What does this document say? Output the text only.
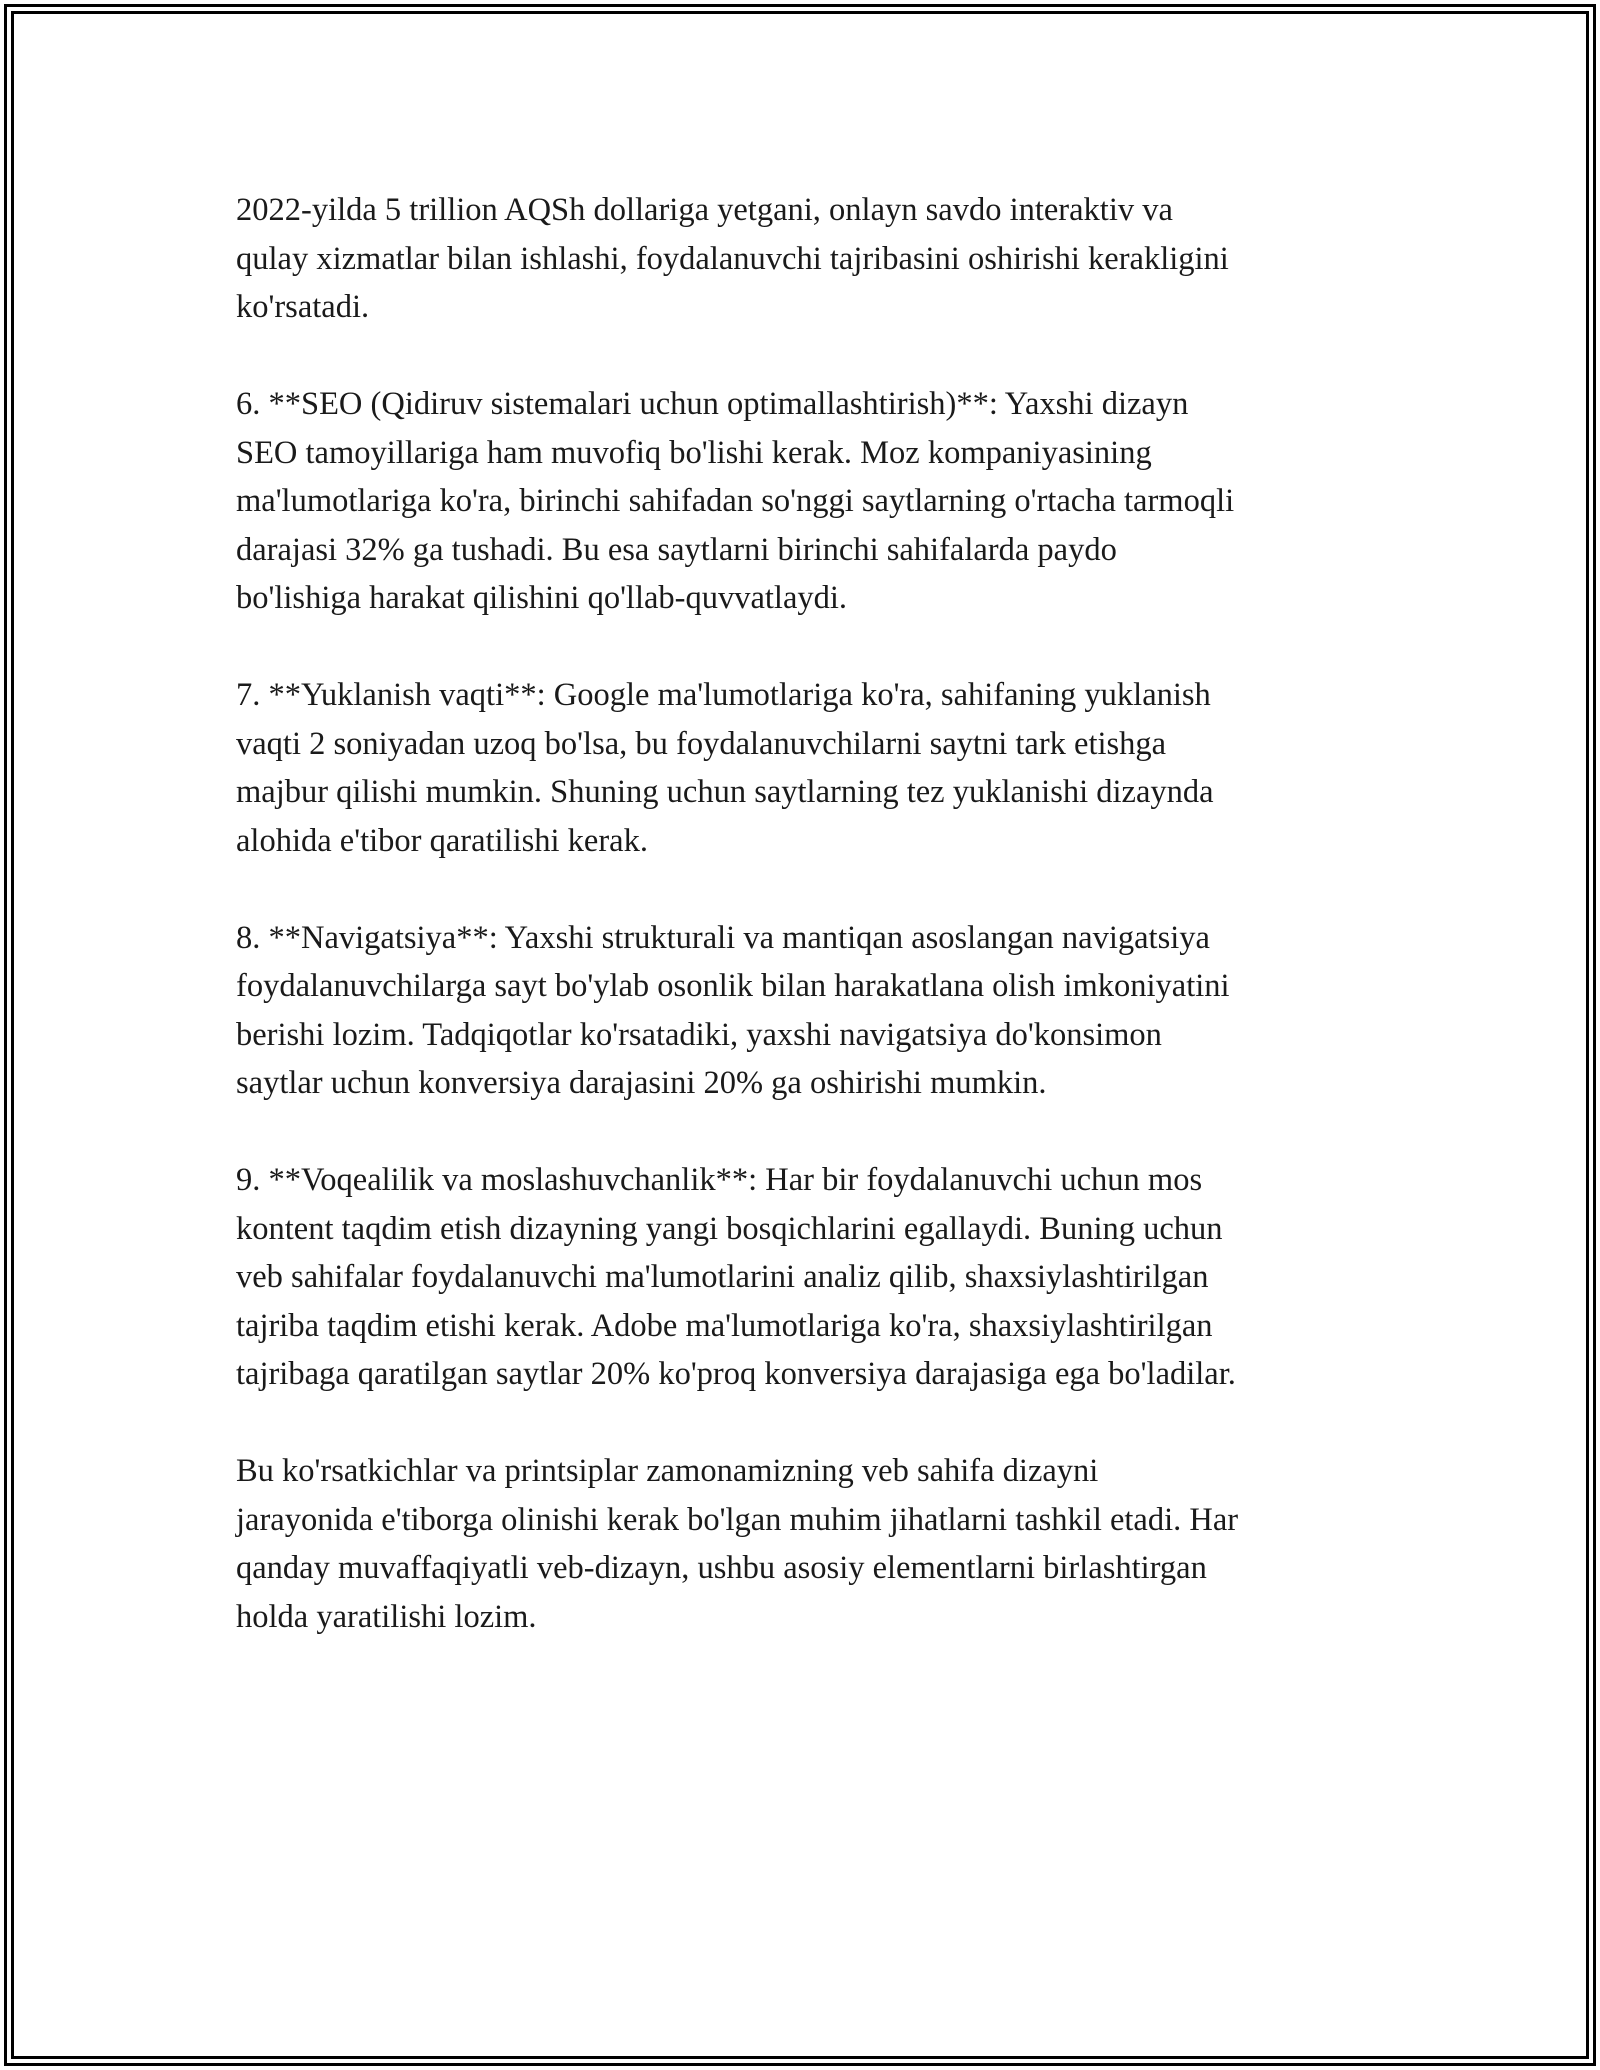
2022-yilda 5 trillion AQSh dollariga yetgani, onlayn savdo interaktiv va
qulay xizmatlar bilan ishlashi, foydalanuvchi tajribasini oshirishi kerakligini
ko'rsatadi.

6. **SEO (Qidiruv sistemalari uchun optimallashtirish)**: Yaxshi dizayn
SEO tamoyillariga ham muvofiq bo'lishi kerak. Moz kompaniyasining
ma'lumotlariga ko'ra, birinchi sahifadan so'nggi saytlarning o'rtacha tarmoqli
darajasi 32% ga tushadi. Bu esa saytlarni birinchi sahifalarda paydo
bo'lishiga harakat qilishini qo'llab-quvvatlaydi.

7. **Yuklanish vaqti**: Google ma'lumotlariga ko'ra, sahifaning yuklanish
vaqti 2 soniyadan uzoq bo'lsa, bu foydalanuvchilarni saytni tark etishga
majbur qilishi mumkin. Shuning uchun saytlarning tez yuklanishi dizaynda
alohida e'tibor qaratilishi kerak.

8. **Navigatsiya**: Yaxshi strukturali va mantiqan asoslangan navigatsiya
foydalanuvchilarga sayt bo'ylab osonlik bilan harakatlana olish imkoniyatini
berishi lozim. Tadqiqotlar ko'rsatadiki, yaxshi navigatsiya do'konsimon
saytlar uchun konversiya darajasini 20% ga oshirishi mumkin.

9. **Voqealilik va moslashuvchanlik**: Har bir foydalanuvchi uchun mos
kontent taqdim etish dizayning yangi bosqichlarini egallaydi. Buning uchun
veb sahifalar foydalanuvchi ma'lumotlarini analiz qilib, shaxsiylashtirilgan
tajriba taqdim etishi kerak. Adobe ma'lumotlariga ko'ra, shaxsiylashtirilgan
tajribaga qaratilgan saytlar 20% ko'proq konversiya darajasiga ega bo'ladilar.

Bu ko'rsatkichlar va printsiplar zamonamizning veb sahifa dizayni
jarayonida e'tiborga olinishi kerak bo'lgan muhim jihatlarni tashkil etadi. Har
qanday muvaffaqiyatli veb-dizayn, ushbu asosiy elementlarni birlashtirgan
holda yaratilishi lozim.
